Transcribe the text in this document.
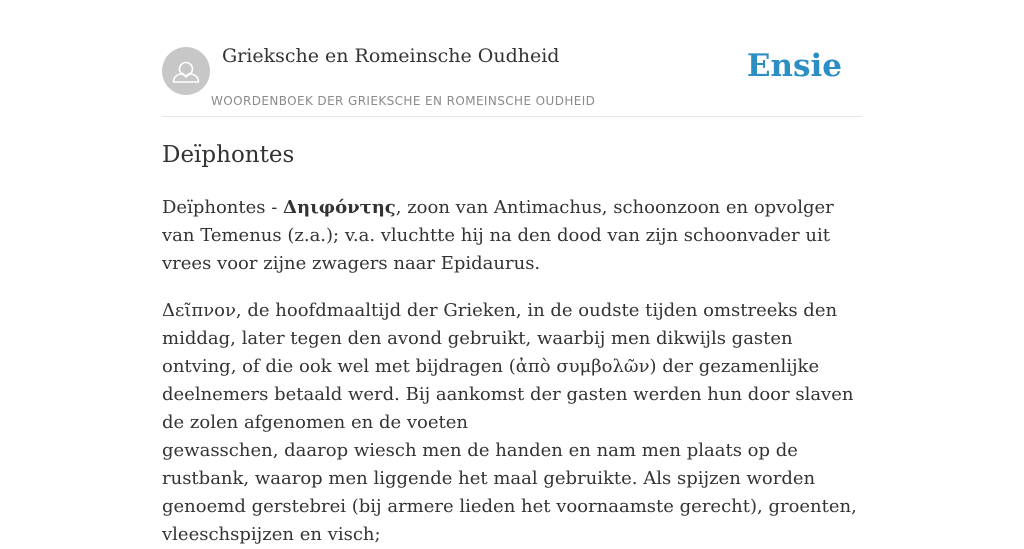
Grieksche en Romeinsche Oudheid
WOORDENBOEK DER GRIEKSCHE EN ROMEINSCHE OUDHEID
Ensie
Deïphontes

Deïphontes - Δηιφόντης, zoon van Antimachus, schoonzoon en opvolger van Temenus (z.a.); v.a. vluchtte hij na den dood van zijn schoonvader uit vrees voor zijne zwagers naar Epidaurus.

Δεῖπνον, de hoofdmaaltijd der Grieken, in de oudste tijden omstreeks den middag, later tegen den avond gebruikt, waarbij men dikwijls gasten ontving, of die ook wel met bijdragen (ἀπὸ συμβολῶν) der gezamenlijke deelnemers betaald werd. Bij aankomst der gasten werden hun door slaven de zolen afgenomen en de voeten
gewasschen, daarop wiesch men de handen en nam men plaats op de rustbank, waarop men liggende het maal gebruikte. Als spijzen worden genoemd gerstebrei (bij armere lieden het voornaamste gerecht), groenten, vleeschspijzen en visch;
